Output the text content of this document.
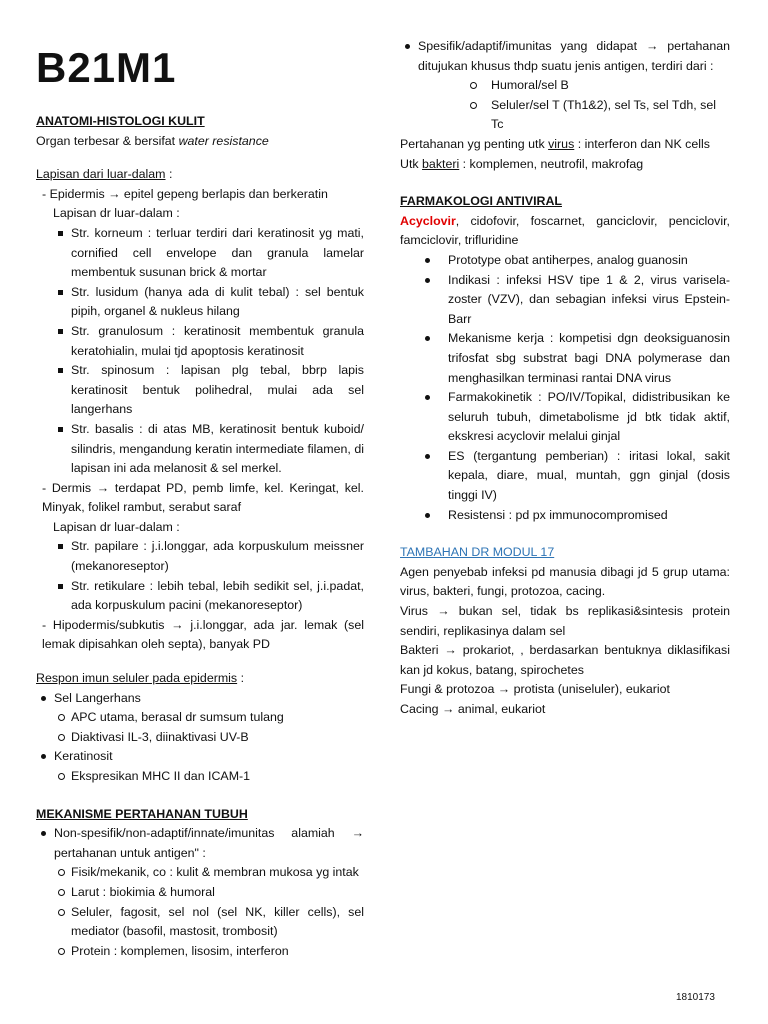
B21M1

ANATOMI-HISTOLOGI KULIT

Organ terbesar & bersifat water resistance

Lapisan dari luar-dalam :

- Epidermis → epitel gepeng berlapis dan berkeratin

Lapisan dr luar-dalam :

Str. korneum : terluar terdiri dari keratinosit yg mati, cornified cell envelope dan granula lamelar membentuk susunan brick & mortar
Str. lusidum (hanya ada di kulit tebal) : sel bentuk pipih, organel & nukleus hilang
Str. granulosum : keratinosit membentuk granula keratohialin, mulai tjd apoptosis keratinosit
Str. spinosum : lapisan plg tebal, bbrp lapis keratinosit bentuk polihedral, mulai ada sel langerhans
Str. basalis : di atas MB, keratinosit bentuk kuboid/ silindris, mengandung keratin intermediate filamen, di lapisan ini ada melanosit & sel merkel.

- Dermis → terdapat PD, pemb limfe, kel. Keringat, kel. Minyak, folikel rambut, serabut saraf

Lapisan dr luar-dalam :

Str. papilare : j.i.longgar, ada korpuskulum meissner (mekanoreseptor)
Str. retikulare : lebih tebal, lebih sedikit sel, j.i.padat, ada korpuskulum pacini (mekanoreseptor)

- Hipodermis/subkutis → j.i.longgar, ada jar. lemak (sel lemak dipisahkan oleh septa), banyak PD

Respon imun seluler pada epidermis :

Sel Langerhans
APC utama, berasal dr sumsum tulang
Diaktivasi IL-3, diinaktivasi UV-B
Keratinosit
Ekspresikan MHC II dan ICAM-1

MEKANISME PERTAHANAN TUBUH

Non-spesifik/non-adaptif/innate/imunitas alamiah → pertahanan untuk antigen" :
Fisik/mekanik, co : kulit & membran mukosa yg intak
Larut : biokimia & humoral
Seluler, fagosit, sel nol (sel NK, killer cells), sel mediator (basofil, mastosit, trombosit)
Protein : komplemen, lisosim, interferon
Spesifik/adaptif/imunitas yang didapat → pertahanan ditujukan khusus thdp suatu jenis antigen, terdiri dari :
Humoral/sel B
Seluler/sel T (Th1&2), sel Ts, sel Tdh, sel Tc

Pertahanan yg penting utk virus : interferon dan NK cells

Utk bakteri : komplemen, neutrofil, makrofag

FARMAKOLOGI ANTIVIRAL

Acyclovir, cidofovir, foscarnet, ganciclovir, penciclovir, famciclovir, trifluridine

Prototype obat antiherpes, analog guanosin
Indikasi : infeksi HSV tipe 1 & 2, virus varisela-zoster (VZV), dan sebagian infeksi virus Epstein-Barr
Mekanisme kerja : kompetisi dgn deoksiguanosin trifosfat sbg substrat bagi DNA polymerase dan menghasilkan terminasi rantai DNA virus
Farmakokinetik : PO/IV/Topikal, didistribusikan ke seluruh tubuh, dimetabolisme jd btk tidak aktif, ekskresi acyclovir melalui ginjal
ES (tergantung pemberian) : iritasi lokal, sakit kepala, diare, mual, muntah, ggn ginjal (dosis tinggi IV)
Resistensi : pd px immunocompromised

TAMBAHAN DR MODUL 17

Agen penyebab infeksi pd manusia dibagi jd 5 grup utama: virus, bakteri, fungi, protozoa, cacing.

Virus → bukan sel, tidak bs replikasi&sintesis protein sendiri, replikasinya dalam sel

Bakteri → prokariot, , berdasarkan bentuknya diklasifikasi kan jd kokus, batang, spirochetes

Fungi & protozoa → protista (uniseluler), eukariot

Cacing → animal, eukariot

1810173
